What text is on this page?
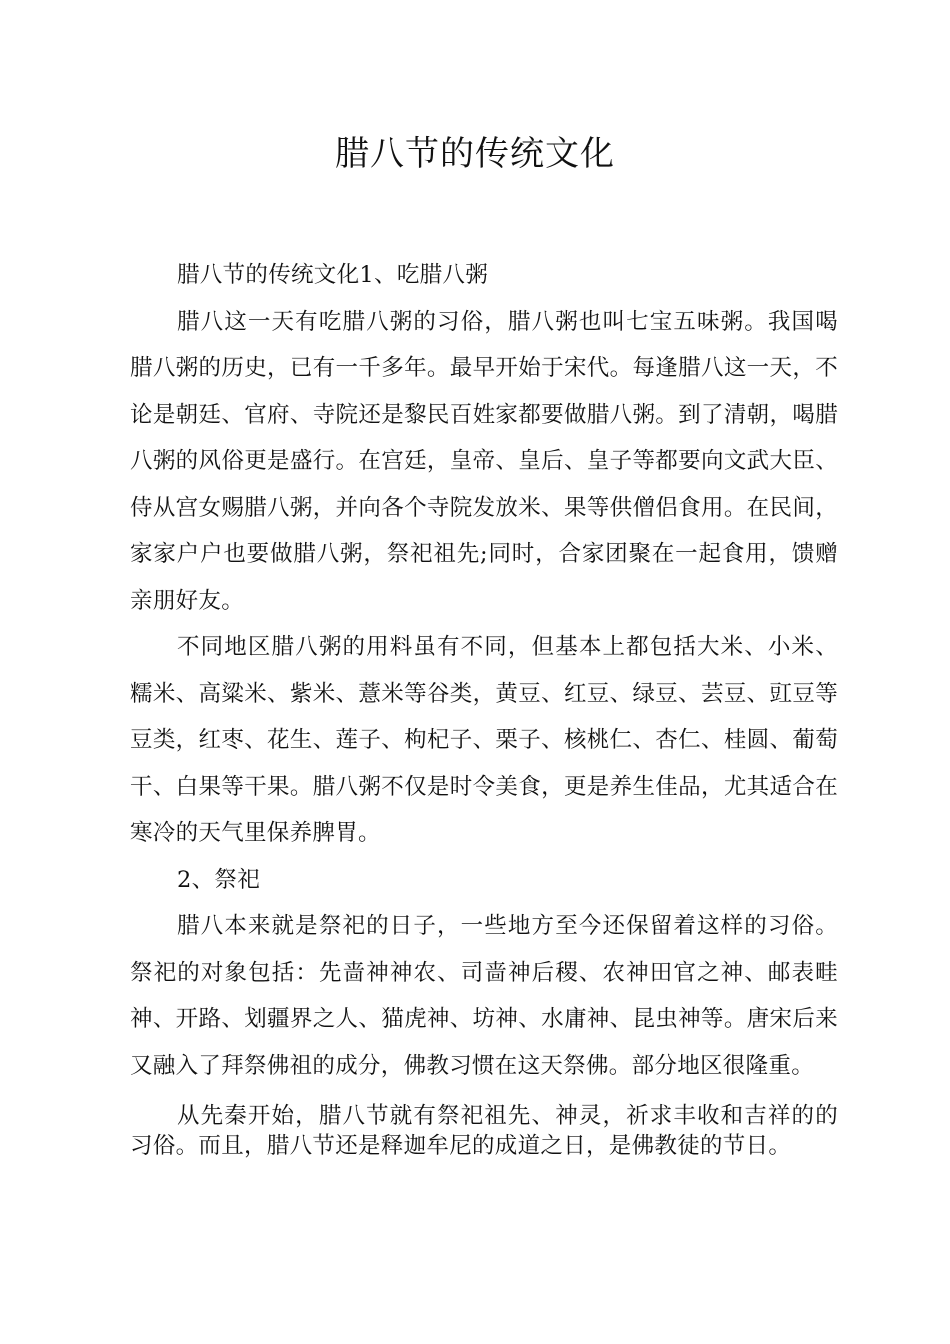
腊八节的传统文化

腊八节的传统文化1、吃腊八粥

腊八这一天有吃腊八粥的习俗，腊八粥也叫七宝五味粥。我国喝腊八粥的历史，已有一千多年。最早开始于宋代。每逢腊八这一天，不论是朝廷、官府、寺院还是黎民百姓家都要做腊八粥。到了清朝，喝腊八粥的风俗更是盛行。在宫廷，皇帝、皇后、皇子等都要向文武大臣、侍从宫女赐腊八粥，并向各个寺院发放米、果等供僧侣食用。在民间，家家户户也要做腊八粥，祭祀祖先;同时，合家团聚在一起食用，馈赠亲朋好友。

不同地区腊八粥的用料虽有不同，但基本上都包括大米、小米、糯米、高粱米、紫米、薏米等谷类，黄豆、红豆、绿豆、芸豆、豇豆等豆类，红枣、花生、莲子、枸杞子、栗子、核桃仁、杏仁、桂圆、葡萄干、白果等干果。腊八粥不仅是时令美食，更是养生佳品，尤其适合在寒冷的天气里保养脾胃。

2、祭祀

腊八本来就是祭祀的日子，一些地方至今还保留着这样的习俗。祭祀的对象包括：先啬神神农、司啬神后稷、农神田官之神、邮表畦神、开路、划疆界之人、猫虎神、坊神、水庸神、昆虫神等。唐宋后来又融入了拜祭佛祖的成分，佛教习惯在这天祭佛。部分地区很隆重。

从先秦开始，腊八节就有祭祀祖先、神灵，祈求丰收和吉祥的的习俗。而且，腊八节还是释迦牟尼的成道之日，是佛教徒的节日。
